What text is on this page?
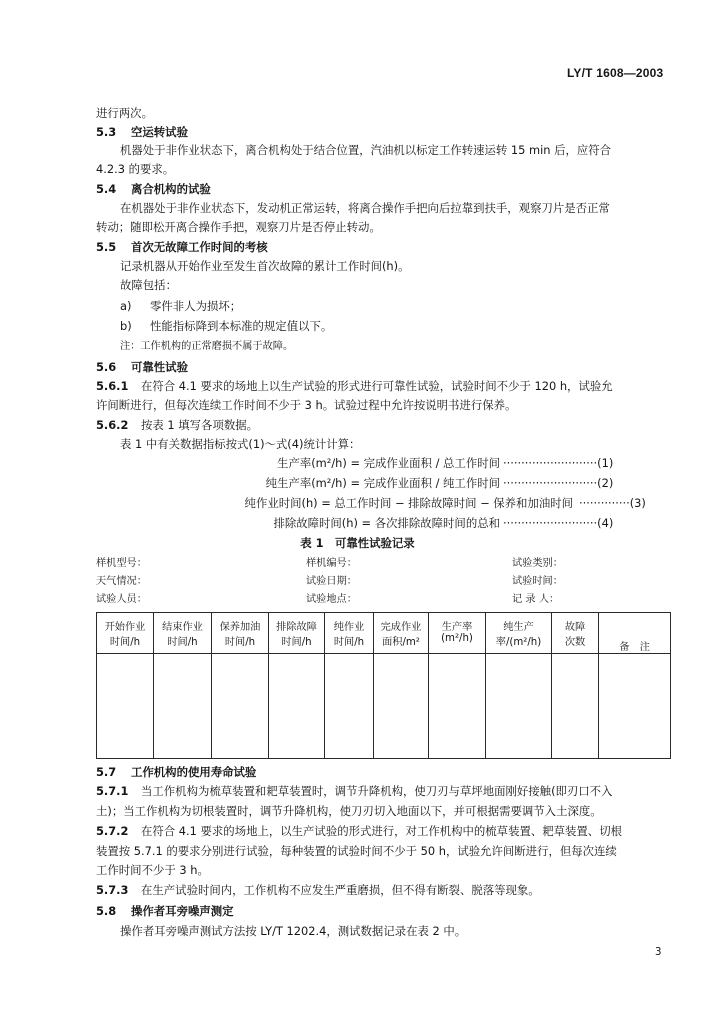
LY/T 1608—2003
进行两次。
5.3 空运转试验
机器处于非作业状态下，离合机构处于结合位置，汽油机以标定工作转速运转 15 min 后，应符合
4.2.3 的要求。
5.4 离合机构的试验
在机器处于非作业状态下，发动机正常运转，将离合操作手把向后拉靠到扶手，观察刀片是否正常
转动；随即松开离合操作手把，观察刀片是否停止转动。
5.5 首次无故障工作时间的考核
记录机器从开始作业至发生首次故障的累计工作时间(h)。
故障包括：
a) 零件非人为损坏；
b) 性能指标降到本标准的规定值以下。
注：工作机构的正常磨损不属于故障。
5.6 可靠性试验
5.6.1 在符合 4.1 要求的场地上以生产试验的形式进行可靠性试验，试验时间不少于 120 h，试验允
许间断进行，但每次连续工作时间不少于 3 h。试验过程中允许按说明书进行保养。
5.6.2 按表 1 填写各项数据。
表 1 中有关数据指标按式(1)～式(4)统计计算：
生产率(m²/h) = 完成作业面积 / 总工作时间 ··························(1)
纯生产率(m²/h) = 完成作业面积 / 纯工作时间 ··························(2)
纯作业时间(h) = 总工作时间 − 排除故障时间 − 保养和加油时间 ··············(3)
排除故障时间(h) = 各次排除故障时间的总和 ··························(4)
表 1　可靠性试验记录
样机型号：	样机编号：	试验类别：
天气情况：	试验日期：	试验时间：
试验人员：	试验地点：	记 录 人：
开始作业	结束作业	保养加油	排除故障	纯作业	完成作业	生产率	纯生产	故障	备　注
时间/h	时间/h	时间/h	时间/h	时间/h	面积/m²	(m²/h)	率/(m²/h)	次数	

5.7 工作机构的使用寿命试验
5.7.1 当工作机构为梳草装置和耙草装置时，调节升降机构，使刀刃与草坪地面刚好接触(即刃口不入
土)；当工作机构为切根装置时，调节升降机构，使刀刃切入地面以下，并可根据需要调节入土深度。
5.7.2 在符合 4.1 要求的场地上，以生产试验的形式进行，对工作机构中的梳草装置、耙草装置、切根
装置按 5.7.1 的要求分别进行试验，每种装置的试验时间不少于 50 h，试验允许间断进行，但每次连续
工作时间不少于 3 h。
5.7.3 在生产试验时间内，工作机构不应发生严重磨损，但不得有断裂、脱落等现象。
5.8 操作者耳旁噪声测定
操作者耳旁噪声测试方法按 LY/T 1202.4，测试数据记录在表 2 中。
3
